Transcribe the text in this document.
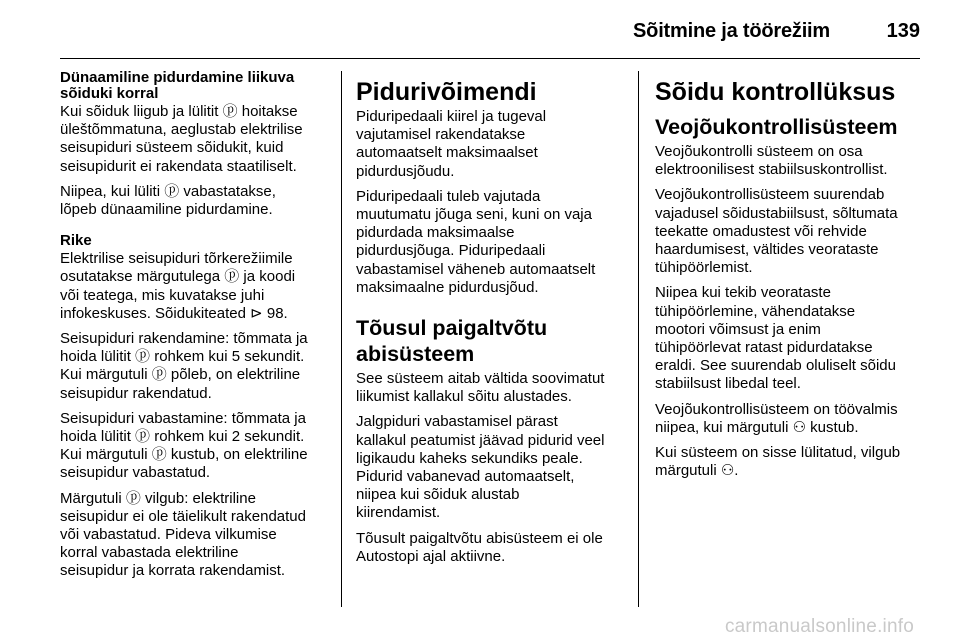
Sõitmine ja töörežiim	139
Dünaamiline pidurdamine liikuva
sõiduki korral

Kui sõiduk liigub ja lülitit ⓟ hoitakse
üleštõmmatuna, aeglustab elektrilise
seisupiduri süsteem sõidukit, kuid
seisupidurit ei rakendata staatiliselt.

Niipea, kui lüliti ⓟ vabastatakse,
lõpeb dünaamiline pidurdamine.

Rike

Elektrilise seisupiduri tõrkerežiimile
osutatakse märgutulega ⓟ ja koodi
või teatega, mis kuvatakse juhi
infokeskuses. Sõidukiteated ⊳ 98.

Seisupiduri rakendamine: tõmmata ja
hoida lülitit ⓟ rohkem kui 5 sekundit.
Kui märgutuli ⓟ põleb, on elektriline
seisupidur rakendatud.

Seisupiduri vabastamine: tõmmata ja
hoida lülitit ⓟ rohkem kui 2 sekundit.
Kui märgutuli ⓟ kustub, on elektriline
seisupidur vabastatud.

Märgutuli ⓟ vilgub: elektriline
seisupidur ei ole täielikult rakendatud
või vabastatud. Pideva vilkumise
korral vabastada elektriline
seisupidur ja korrata rakendamist.

Pidurivõimendi

Piduripedaali kiirel ja tugeval
vajutamisel rakendatakse
automaatselt maksimaalset
pidurdusjõudu.

Piduripedaali tuleb vajutada
muutumatu jõuga seni, kuni on vaja
pidurdada maksimaalse
pidurdusjõuga. Piduripedaali
vabastamisel väheneb automaatselt
maksimaalne pidurdusjõud.

Tõusul paigaltvõtu
abisüsteem

See süsteem aitab vältida soovimatut
liikumist kallakul sõitu alustades.

Jalgpiduri vabastamisel pärast
kallakul peatumist jäävad pidurid veel
ligikaudu kaheks sekundiks peale.
Pidurid vabanevad automaatselt,
niipea kui sõiduk alustab
kiirendamist.

Tõusult paigaltvõtu abisüsteem ei ole
Autostopi ajal aktiivne.

Sõidu kontrollüksus
Veojõukontrollisüsteem

Veojõukontrolli süsteem on osa
elektroonilisest stabiilsuskontrollist.

Veojõukontrollisüsteem suurendab
vajadusel sõidustabiilsust, sõltumata
teekatte omadustest või rehvide
haardumisest, vältides veorataste
tühipöörlemist.

Niipea kui tekib veorataste
tühipöörlemine, vähendatakse
mootori võimsust ja enim
tühipöörlevat ratast pidurdatakse
eraldi. See suurendab oluliselt sõidu
stabiilsust libedal teel.

Veojõukontrollisüsteem on töövalmis
niipea, kui märgutuli ⚇ kustub.

Kui süsteem on sisse lülitatud, vilgub
märgutuli ⚇.

carmanualsonline.info
